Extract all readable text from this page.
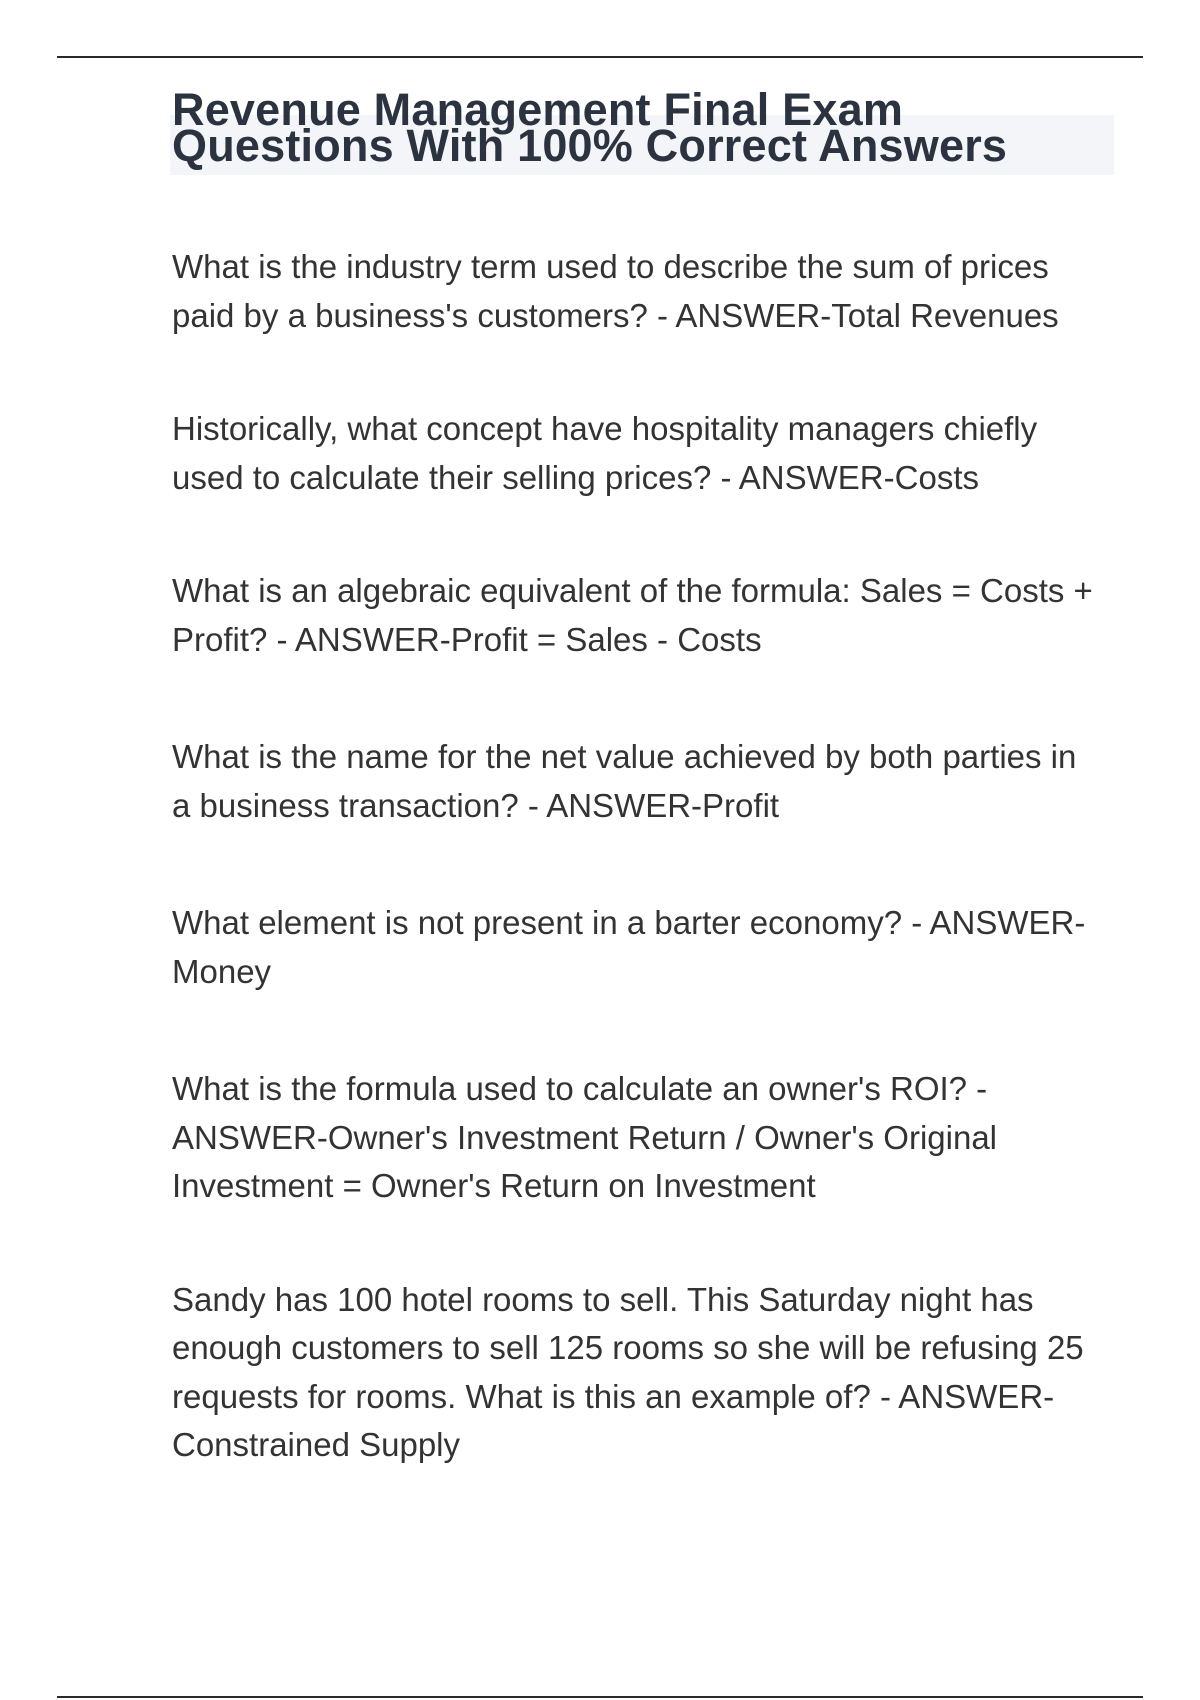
Revenue Management Final Exam Questions With 100% Correct Answers
What is the industry term used to describe the sum of prices paid by a business's customers? - ANSWER-Total Revenues
Historically, what concept have hospitality managers chiefly used to calculate their selling prices? - ANSWER-Costs
What is an algebraic equivalent of the formula: Sales = Costs + Profit? - ANSWER-Profit = Sales - Costs
What is the name for the net value achieved by both parties in a business transaction? - ANSWER-Profit
What element is not present in a barter economy? - ANSWER-Money
What is the formula used to calculate an owner's ROI? - ANSWER-Owner's Investment Return / Owner's Original Investment = Owner's Return on Investment
Sandy has 100 hotel rooms to sell. This Saturday night has enough customers to sell 125 rooms so she will be refusing 25 requests for rooms. What is this an example of? - ANSWER-Constrained Supply
